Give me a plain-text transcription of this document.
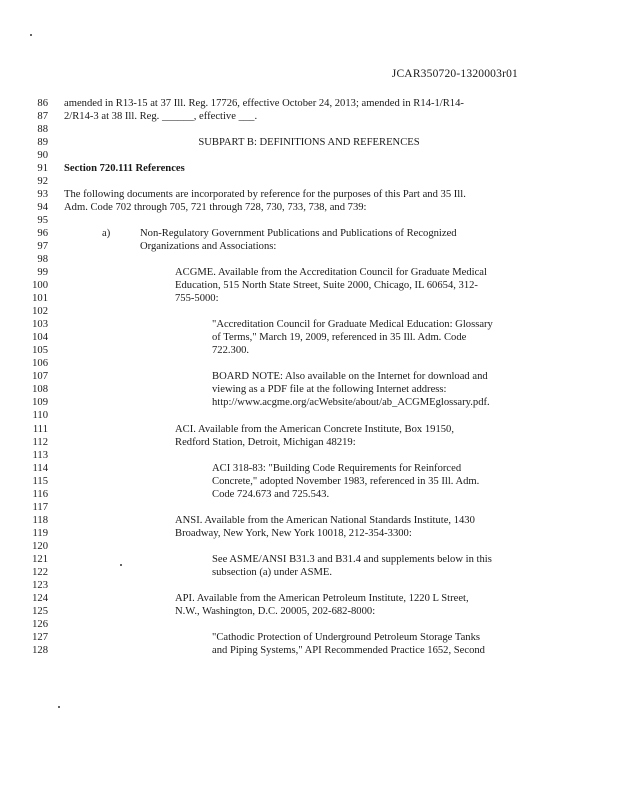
JCAR350720-1320003r01
86 amended in R13-15 at 37 Ill. Reg. 17726, effective October 24, 2013; amended in R14-1/R14-
87 2/R14-3 at 38 Ill. Reg. ______, effective ___.
88
89	SUBPART B: DEFINITIONS AND REFERENCES
90
91 Section 720.111 References
92
93 The following documents are incorporated by reference for the purposes of this Part and 35 Ill.
94 Adm. Code 702 through 705, 721 through 728, 730, 733, 738, and 739:
95
96	a)	Non-Regulatory Government Publications and Publications of Recognized
97	Organizations and Associations:
98
99	ACGME. Available from the Accreditation Council for Graduate Medical
100	Education, 515 North State Street, Suite 2000, Chicago, IL 60654, 312-
101	755-5000:
102
103	"Accreditation Council for Graduate Medical Education: Glossary
104	of Terms," March 19, 2009, referenced in 35 Ill. Adm. Code
105	722.300.
106
107	BOARD NOTE: Also available on the Internet for download and
108	viewing as a PDF file at the following Internet address:
109	http://www.acgme.org/acWebsite/about/ab_ACGMEglossary.pdf.
110
111	ACI. Available from the American Concrete Institute, Box 19150,
112	Redford Station, Detroit, Michigan 48219:
113
114	ACI 318-83: "Building Code Requirements for Reinforced
115	Concrete," adopted November 1983, referenced in 35 Ill. Adm.
116	Code 724.673 and 725.543.
117
118	ANSI. Available from the American National Standards Institute, 1430
119	Broadway, New York, New York 10018, 212-354-3300:
120
121	See ASME/ANSI B31.3 and B31.4 and supplements below in this
122	subsection (a) under ASME.
123
124	API. Available from the American Petroleum Institute, 1220 L Street,
125	N.W., Washington, D.C. 20005, 202-682-8000:
126
127	"Cathodic Protection of Underground Petroleum Storage Tanks
128	and Piping Systems," API Recommended Practice 1652, Second
